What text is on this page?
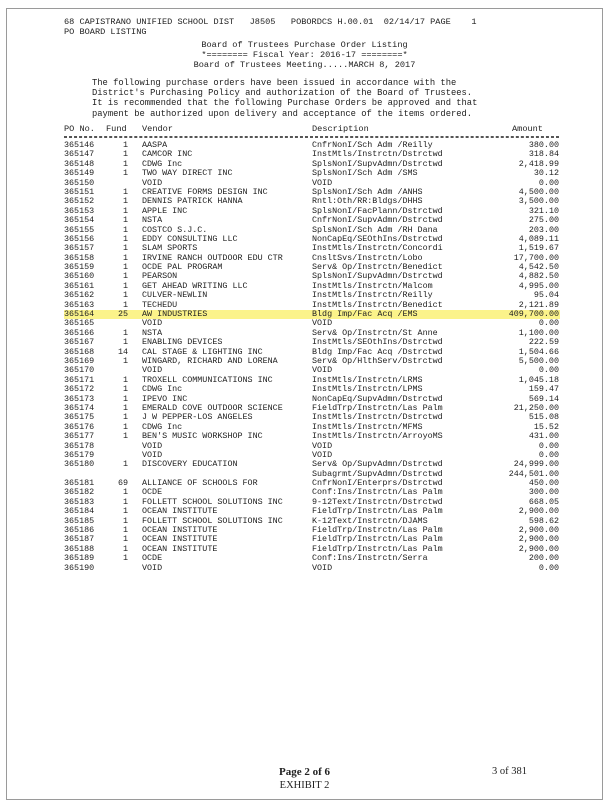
68 CAPISTRANO UNIFIED SCHOOL DIST   J8505   POBORDCS H.00.01  02/14/17 PAGE    1
PO BOARD LISTING
Board of Trustees Purchase Order Listing
*======== Fiscal Year: 2016-17 ========*
Board of Trustees Meeting.....MARCH 8, 2017
The following purchase orders have been issued in accordance with the
District's Purchasing Policy and authorization of the Board of Trustees.
It is recommended that the following Purchase Orders be approved and that
payment be authorized upon delivery and acceptance of the items ordered.
PO No. Fund Vendor	Description	Amount
365146	1 AASPA	CnfrNonI/Sch Adm /Reilly	380.00
365147	1 CAMCOR INC	InstMtls/Instrctn/Dstrctwd	318.84
365148	1 CDWG Inc	SplsNonI/SupvAdmn/Dstrctwd	2,418.99
365149	1 TWO WAY DIRECT INC	SplsNonI/Sch Adm /SMS	30.12
365150	VOID	VOID	0.00
365151	1 CREATIVE FORMS DESIGN INC	SplsNonI/Sch Adm /ANHS	4,500.00
365152	1 DENNIS PATRICK HANNA	Rntl:Oth/RR:Bldgs/DHHS	3,500.00
365153	1 APPLE INC	SplsNonI/FacPlann/Dstrctwd	321.10
365154	1 NSTA	CnfrNonI/SupvAdmn/Dstrctwd	275.00
365155	1 COSTCO S.J.C.	SplsNonI/Sch Adm /RH Dana	203.00
365156	1 EDDY CONSULTING LLC	NonCapEq/SEOthIns/Dstrctwd	4,089.11
365157	1 SLAM SPORTS	InstMtls/Instrctn/Concordi	1,519.67
365158	1 IRVINE RANCH OUTDOOR EDU CTR	CnsltSvs/Instrctn/Lobo	17,700.00
365159	1 OCDE PAL PROGRAM	Serv& Op/Instrctn/Benedict	4,542.50
365160	1 PEARSON	SplsNonI/SupvAdmn/Dstrctwd	4,882.50
365161	1 GET AHEAD WRITING LLC	InstMtls/Instrctn/Malcom	4,995.00
365162	1 CULVER-NEWLIN	InstMtls/Instrctn/Reilly	95.04
365163	1 TECHEDU	InstMtls/Instrctn/Benedict	2,121.89
365164	25 AW INDUSTRIES	Bldg Imp/Fac Acq /EMS	409,700.00
365165	VOID	VOID	0.00
365166	1 NSTA	Serv& Op/Instrctn/St Anne	1,100.00
365167	1 ENABLING DEVICES	InstMtls/SEOthIns/Dstrctwd	222.59
365168	14 CAL STAGE & LIGHTING INC	Bldg Imp/Fac Acq /Dstrctwd	1,504.66
365169	1 WINGARD, RICHARD AND LORENA	Serv& Op/HlthServ/Dstrctwd	5,500.00
365170	VOID	VOID	0.00
365171	1 TROXELL COMMUNICATIONS INC	InstMtls/Instrctn/LRMS	1,045.18
365172	1 CDWG Inc	InstMtls/Instrctn/LPMS	159.47
365173	1 IPEVO INC	NonCapEq/SupvAdmn/Dstrctwd	569.14
365174	1 EMERALD COVE OUTDOOR SCIENCE	FieldTrp/Instrctn/Las Palm	21,250.00
365175	1 J W PEPPER-LOS ANGELES	InstMtls/Instrctn/Dstrctwd	515.08
365176	1 CDWG Inc	InstMtls/Instrctn/MFMS	15.52
365177	1 BEN'S MUSIC WORKSHOP INC	InstMtls/Instrctn/ArroyoMS	431.00
365178	VOID	VOID	0.00
365179	VOID	VOID	0.00
365180	1 DISCOVERY EDUCATION	Serv& Op/SupvAdmn/Dstrctwd	24,999.00
Subagrmt/SupvAdmn/Dstrctwd	244,501.00
365181	69 ALLIANCE OF SCHOOLS FOR	CnfrNonI/Enterprs/Dstrctwd	450.00
365182	1 OCDE	Conf:Ins/Instrctn/Las Palm	300.00
365183	1 FOLLETT SCHOOL SOLUTIONS INC	9-12Text/Instrctn/Dstrctwd	668.05
365184	1 OCEAN INSTITUTE	FieldTrp/Instrctn/Las Palm	2,900.00
365185	1 FOLLETT SCHOOL SOLUTIONS INC	K-12Text/Instrctn/DJAMS	598.62
365186	1 OCEAN INSTITUTE	FieldTrp/Instrctn/Las Palm	2,900.00
365187	1 OCEAN INSTITUTE	FieldTrp/Instrctn/Las Palm	2,900.00
365188	1 OCEAN INSTITUTE	FieldTrp/Instrctn/Las Palm	2,900.00
365189	1 OCDE	Conf:Ins/Instrctn/Serra	200.00
365190	VOID	VOID	0.00
Page 2 of 6
EXHIBIT 2
3 of 381
